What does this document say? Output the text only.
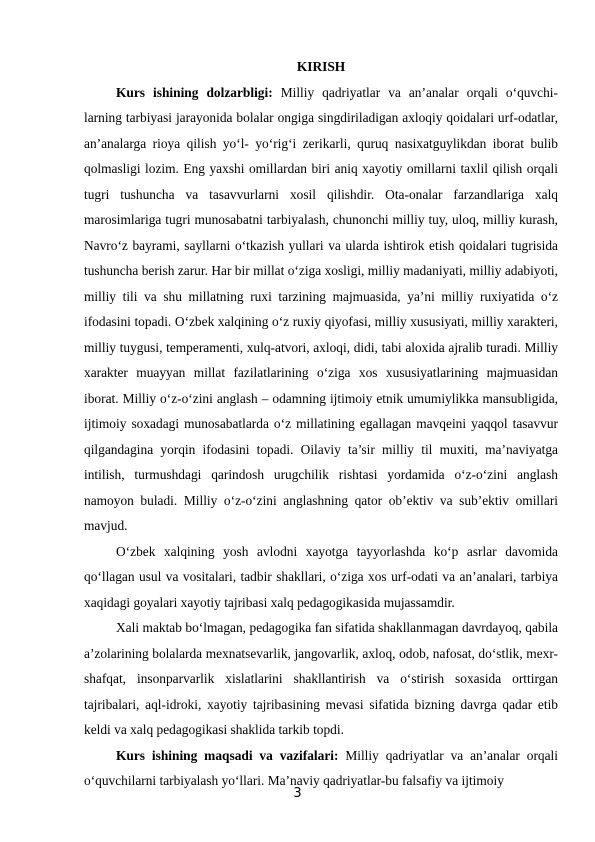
KIRISH

Kurs ishining dolzarbligi: Milliy qadriyatlar va an’analar orqali o‘quvchi-larning tarbiyasi jarayonida bolalar ongiga singdiriladigan axloqiy qoidalari urf-odatlar, an’analarga rioya qilish yo‘l- yo‘rig‘i zerikarli, quruq nasixatguylikdan iborat bulib qolmasligi lozim. Eng yaxshi omillardan biri aniq xayotiy omillarni taxlil qilish orqali tugri tushuncha va tasavvurlarni xosil qilishdir. Ota-onalar farzandlariga xalq marosimlariga tugri munosabatni tarbiyalash, chunonchi milliy tuy, uloq, milliy kurash, Navro‘z bayrami, sayllarni o‘tkazish yullari va ularda ishtirok etish qoidalari tugrisida tushuncha berish zarur. Har bir millat o‘ziga xosligi, milliy madaniyati, milliy adabiyoti, milliy tili va shu millatning ruxi tarzining majmuasida, ya’ni milliy ruxiyatida o‘z ifodasini topadi. O‘zbek xalqining o‘z ruxiy qiyofasi, milliy xususiyati, milliy xarakteri, milliy tuygusi, temperamenti, xulq-atvori, axloqi, didi, tabi aloxida ajralib turadi. Milliy xarakter muayyan millat fazilatlarining o‘ziga xos xususiyatlarining majmuasidan iborat. Milliy o‘z-o‘zini anglash – odamning ijtimoiy etnik umumiylikka mansubligida, ijtimoiy soxadagi munosabatlarda o‘z millatining egallagan mavqeini yaqqol tasavvur qilgandagina yorqin ifodasini topadi. Oilaviy ta’sir milliy til muxiti, ma’naviyatga intilish, turmushdagi qarindosh urugchilik rishtasi yordamida o‘z-o‘zini anglash namoyon buladi. Milliy o‘z-o‘zini anglashning qator ob’ektiv va sub’ektiv omillari mavjud.

O‘zbek xalqining yosh avlodni xayotga tayyorlashda ko‘p asrlar davomida qo‘llagan usul va vositalari, tadbir shakllari, o‘ziga xos urf-odati va an’analari, tarbiya xaqidagi goyalari xayotiy tajribasi xalq pedagogikasida mujassamdir.

Xali maktab bo‘lmagan, pedagogika fan sifatida shakllanmagan davrdayoq, qabila a’zolarining bolalarda mexnatsevarlik, jangovarlik, axloq, odob, nafosat, do‘stlik, mexr-shafqat, insonparvarlik xislatlarini shakllantirish va o‘stirish soxasida orttirgan tajribalari, aql-idroki, xayotiy tajribasining mevasi sifatida bizning davrga qadar etib keldi va xalq pedagogikasi shaklida tarkib topdi.

Kurs ishining maqsadi va vazifalari: Milliy qadriyatlar va an’analar orqali o‘quvchilarni tarbiyalash yo‘llari. Ma’naviy qadriyatlar-bu falsafiy va ijtimoiy

3
